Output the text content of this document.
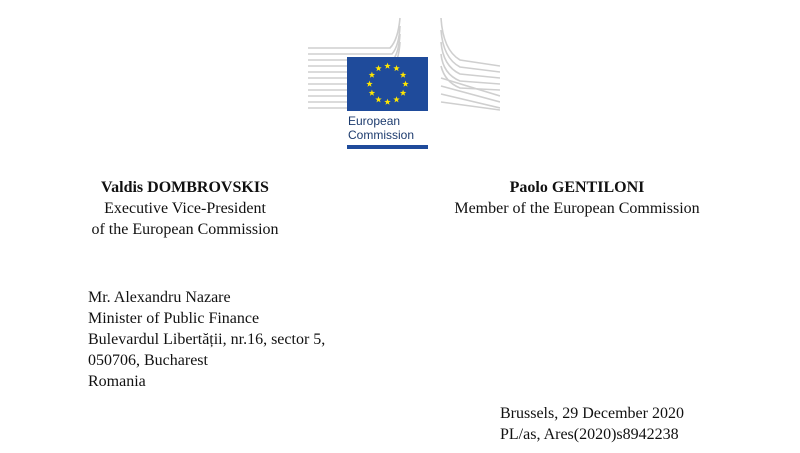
European
Commission
Valdis DOMBROVSKIS
Executive Vice-President
of the European Commission
Paolo GENTILONI
Member of the European Commission
Mr. Alexandru Nazare
Minister of Public Finance
Bulevardul Libertății, nr.16, sector 5,
050706, Bucharest
Romania
Brussels, 29 December 2020
PL/as, Ares(2020)s8942238
